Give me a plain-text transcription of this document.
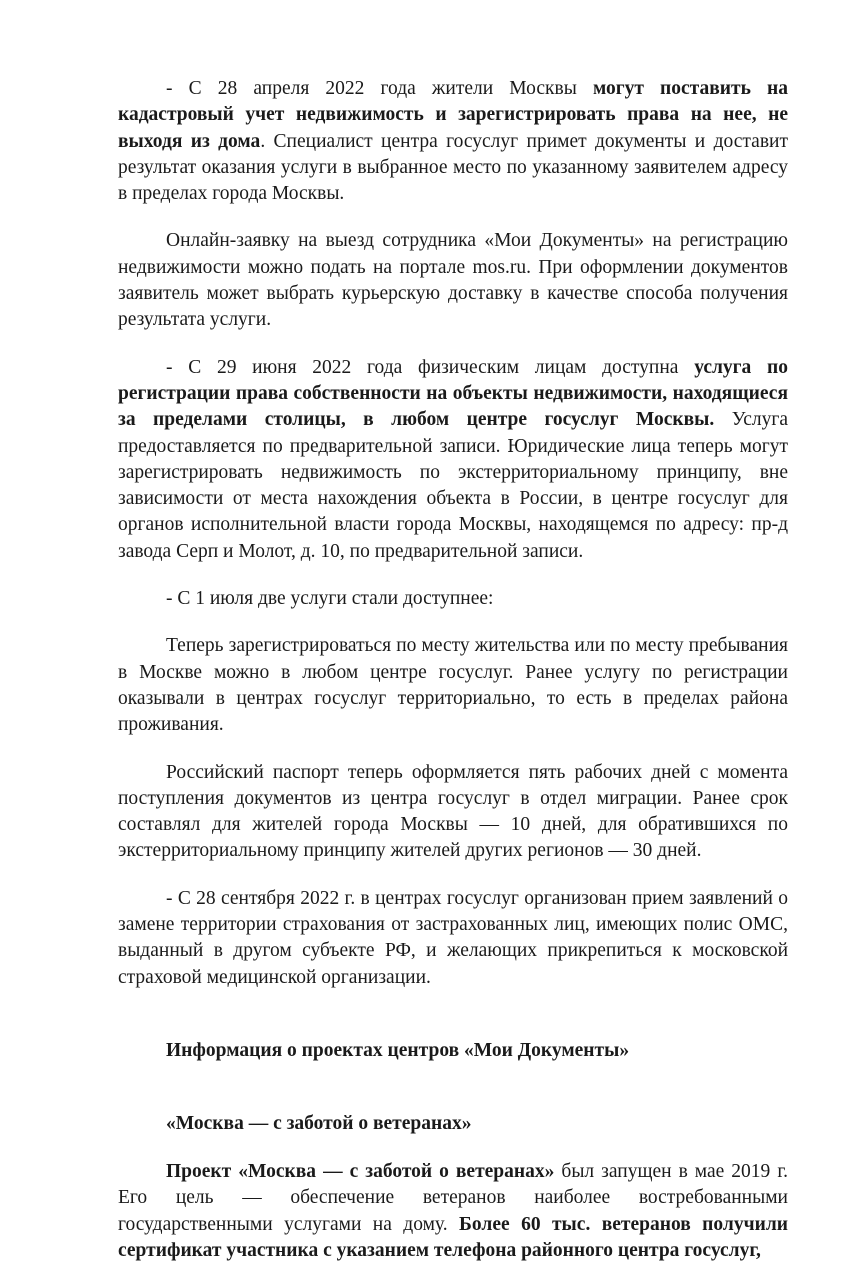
- С 28 апреля 2022 года жители Москвы могут поставить на кадастровый учет недвижимость и зарегистрировать права на нее, не выходя из дома. Специалист центра госуслуг примет документы и доставит результат оказания услуги в выбранное место по указанному заявителем адресу в пределах города Москвы.

Онлайн-заявку на выезд сотрудника «Мои Документы» на регистрацию недвижимости можно подать на портале mos.ru. При оформлении документов заявитель может выбрать курьерскую доставку в качестве способа получения результата услуги.

- С 29 июня 2022 года физическим лицам доступна услуга по регистрации права собственности на объекты недвижимости, находящиеся за пределами столицы, в любом центре госуслуг Москвы. Услуга предоставляется по предварительной записи. Юридические лица теперь могут зарегистрировать недвижимость по экстерриториальному принципу, вне зависимости от места нахождения объекта в России, в центре госуслуг для органов исполнительной власти города Москвы, находящемся по адресу: пр-д завода Серп и Молот, д. 10, по предварительной записи.

- С 1 июля две услуги стали доступнее:

Теперь зарегистрироваться по месту жительства или по месту пребывания в Москве можно в любом центре госуслуг. Ранее услугу по регистрации оказывали в центрах госуслуг территориально, то есть в пределах района проживания.

Российский паспорт теперь оформляется пять рабочих дней с момента поступления документов из центра госуслуг в отдел миграции. Ранее срок составлял для жителей города Москвы — 10 дней, для обратившихся по экстерриториальному принципу жителей других регионов — 30 дней.

- С 28 сентября 2022 г. в центрах госуслуг организован прием заявлений о замене территории страхования от застрахованных лиц, имеющих полис ОМС, выданный в другом субъекте РФ, и желающих прикрепиться к московской страховой медицинской организации.

Информация о проектах центров «Мои Документы»
«Москва — с заботой о ветеранах»

Проект «Москва — с заботой о ветеранах» был запущен в мае 2019 г. Его цель — обеспечение ветеранов наиболее востребованными государственными услугами на дому. Более 60 тыс. ветеранов получили сертификат участника с указанием телефона районного центра госуслуг,
